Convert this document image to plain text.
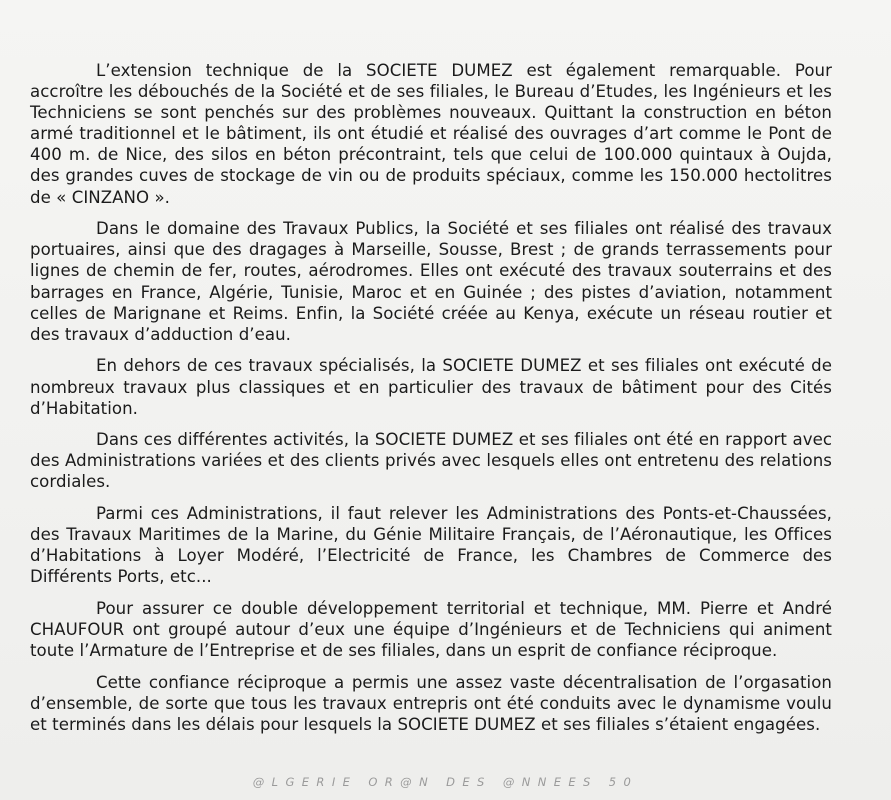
L’extension technique de la SOCIETE DUMEZ est également remarquable. Pour accroître les débouchés de la Société et de ses filiales, le Bureau d’Etudes, les Ingénieurs et les Techniciens se sont penchés sur des problèmes nouveaux. Quittant la construction en béton armé traditionnel et le bâtiment, ils ont étudié et réalisé des ouvrages d’art comme le Pont de 400 m. de Nice, des silos en béton précontraint, tels que celui de 100.000 quintaux à Oujda, des grandes cuves de stockage de vin ou de produits spéciaux, comme les 150.000 hectolitres de « CINZANO ».

Dans le domaine des Travaux Publics, la Société et ses filiales ont réalisé des travaux portuaires, ainsi que des dragages à Marseille, Sousse, Brest ; de grands terrassements pour lignes de chemin de fer, routes, aérodromes. Elles ont exécuté des travaux souterrains et des barrages en France, Algérie, Tunisie, Maroc et en Guinée ; des pistes d’aviation, notamment celles de Marignane et Reims. Enfin, la Société créée au Kenya, exécute un réseau routier et des travaux d’adduction d’eau.

En dehors de ces travaux spécialisés, la SOCIETE DUMEZ et ses filiales ont exécuté de nombreux travaux plus classiques et en particulier des travaux de bâtiment pour des Cités d’Habitation.

Dans ces différentes activités, la SOCIETE DUMEZ et ses filiales ont été en rapport avec des Administrations variées et des clients privés avec lesquels elles ont entretenu des relations cordiales.

Parmi ces Administrations, il faut relever les Administrations des Ponts-et-Chaussées, des Travaux Maritimes de la Marine, du Génie Militaire Français, de l’Aéronautique, les Offices d’Habitations à Loyer Modéré, l’Electricité de France, les Chambres de Commerce des Différents Ports, etc...

Pour assurer ce double développement territorial et technique, MM. Pierre et André CHAUFOUR ont groupé autour d’eux une équipe d’Ingénieurs et de Techniciens qui animent toute l’Armature de l’Entreprise et de ses filiales, dans un esprit de confiance réciproque.

Cette confiance réciproque a permis une assez vaste décentralisation de l’orgasation d’ensemble, de sorte que tous les travaux entrepris ont été conduits avec le dynamisme voulu et terminés dans les délais pour lesquels la SOCIETE DUMEZ et ses filiales s’étaient engagées.

@LGERIE OR@N DES @NNEES 50
